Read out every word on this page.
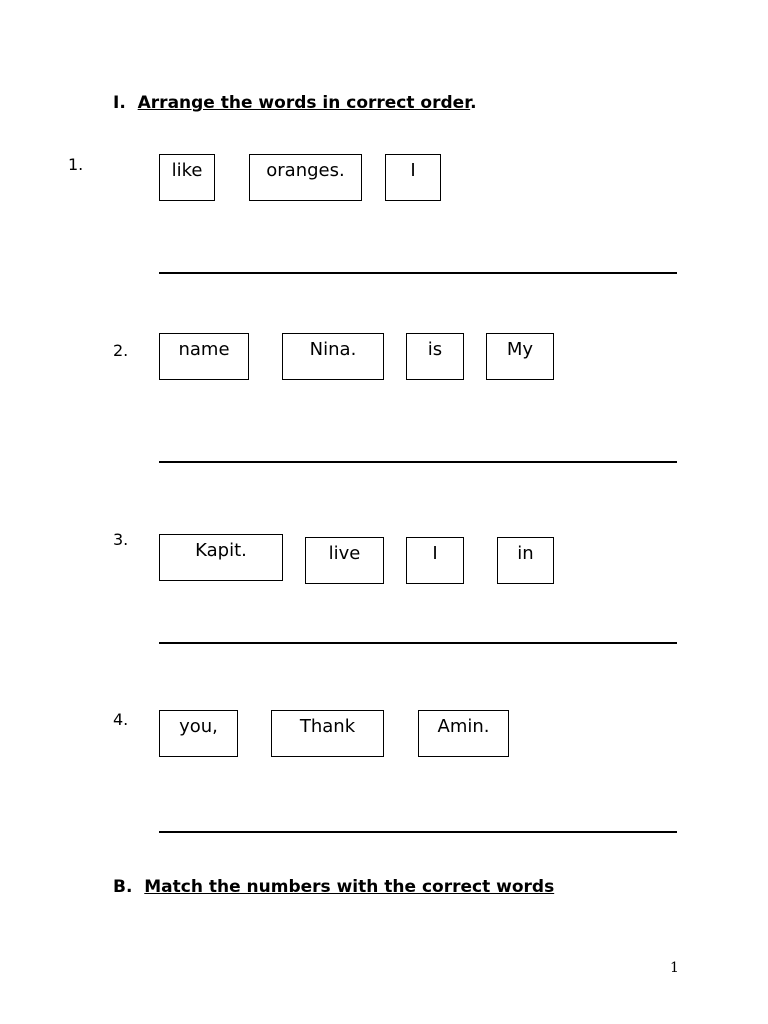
I. Arrange the words in correct order.
1.	like	oranges.	I
2.	name	Nina.	is	My
3.
Kapit.	live	I	in
4.	you,	Thank	Amin.
B. Match the numbers with the correct words
1
